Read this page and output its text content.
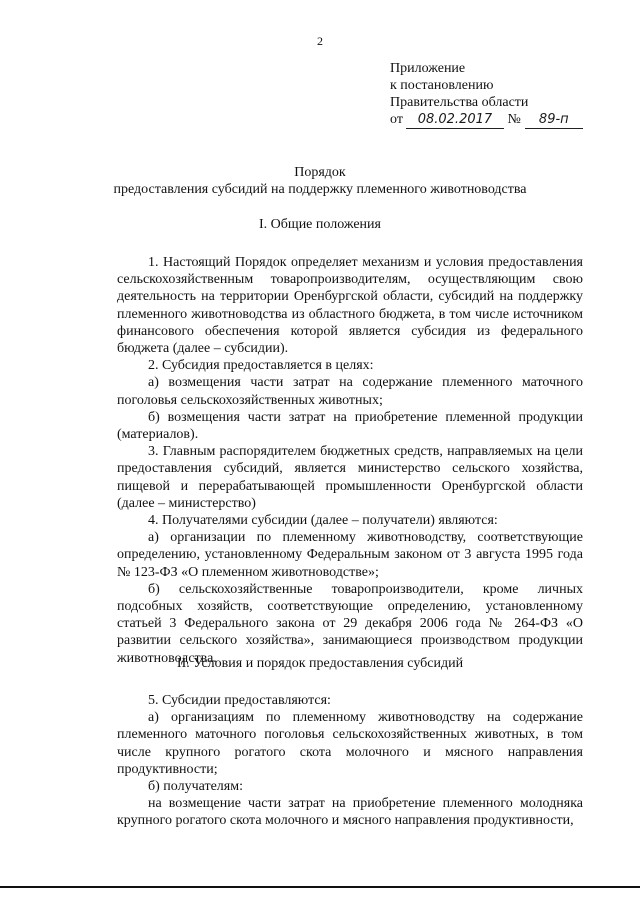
2
Приложение
к постановлению
Правительства области
от 08.02.2017 № 89-п
Порядок
предоставления субсидий на поддержку племенного животноводства
I. Общие положения

1. Настоящий Порядок определяет механизм и условия предоставления сельскохозяйственным товаропроизводителям, осуществляющим свою деятельность на территории Оренбургской области, субсидий на поддержку племенного животноводства из областного бюджета, в том числе источником финансового обеспечения которой является субсидия из федерального бюджета (далее – субсидии).

2. Субсидия предоставляется в целях:

а) возмещения части затрат на содержание племенного маточного поголовья сельскохозяйственных животных;

б) возмещения части затрат на приобретение племенной продукции (материалов).

3. Главным распорядителем бюджетных средств, направляемых на цели предоставления субсидий, является министерство сельского хозяйства, пищевой и перерабатывающей промышленности Оренбургской области (далее – министерство)

4. Получателями субсидии (далее – получатели) являются:

а) организации по племенному животноводству, соответствующие определению, установленному Федеральным законом от 3 августа 1995 года № 123-ФЗ «О племенном животноводстве»;

б) сельскохозяйственные товаропроизводители, кроме личных подсобных хозяйств, соответствующие определению, установленному статьей 3 Федерального закона от 29 декабря 2006 года № 264-ФЗ «О развитии сельского хозяйства», занимающиеся производством продукции животноводства.

II. Условия и порядок предоставления субсидий

5. Субсидии предоставляются:

а) организациям по племенному животноводству на содержание племенного маточного поголовья сельскохозяйственных животных, в том числе крупного рогатого скота молочного и мясного направления продуктивности;

б) получателям:

на возмещение части затрат на приобретение племенного молодняка крупного рогатого скота молочного и мясного направления продуктивности,
